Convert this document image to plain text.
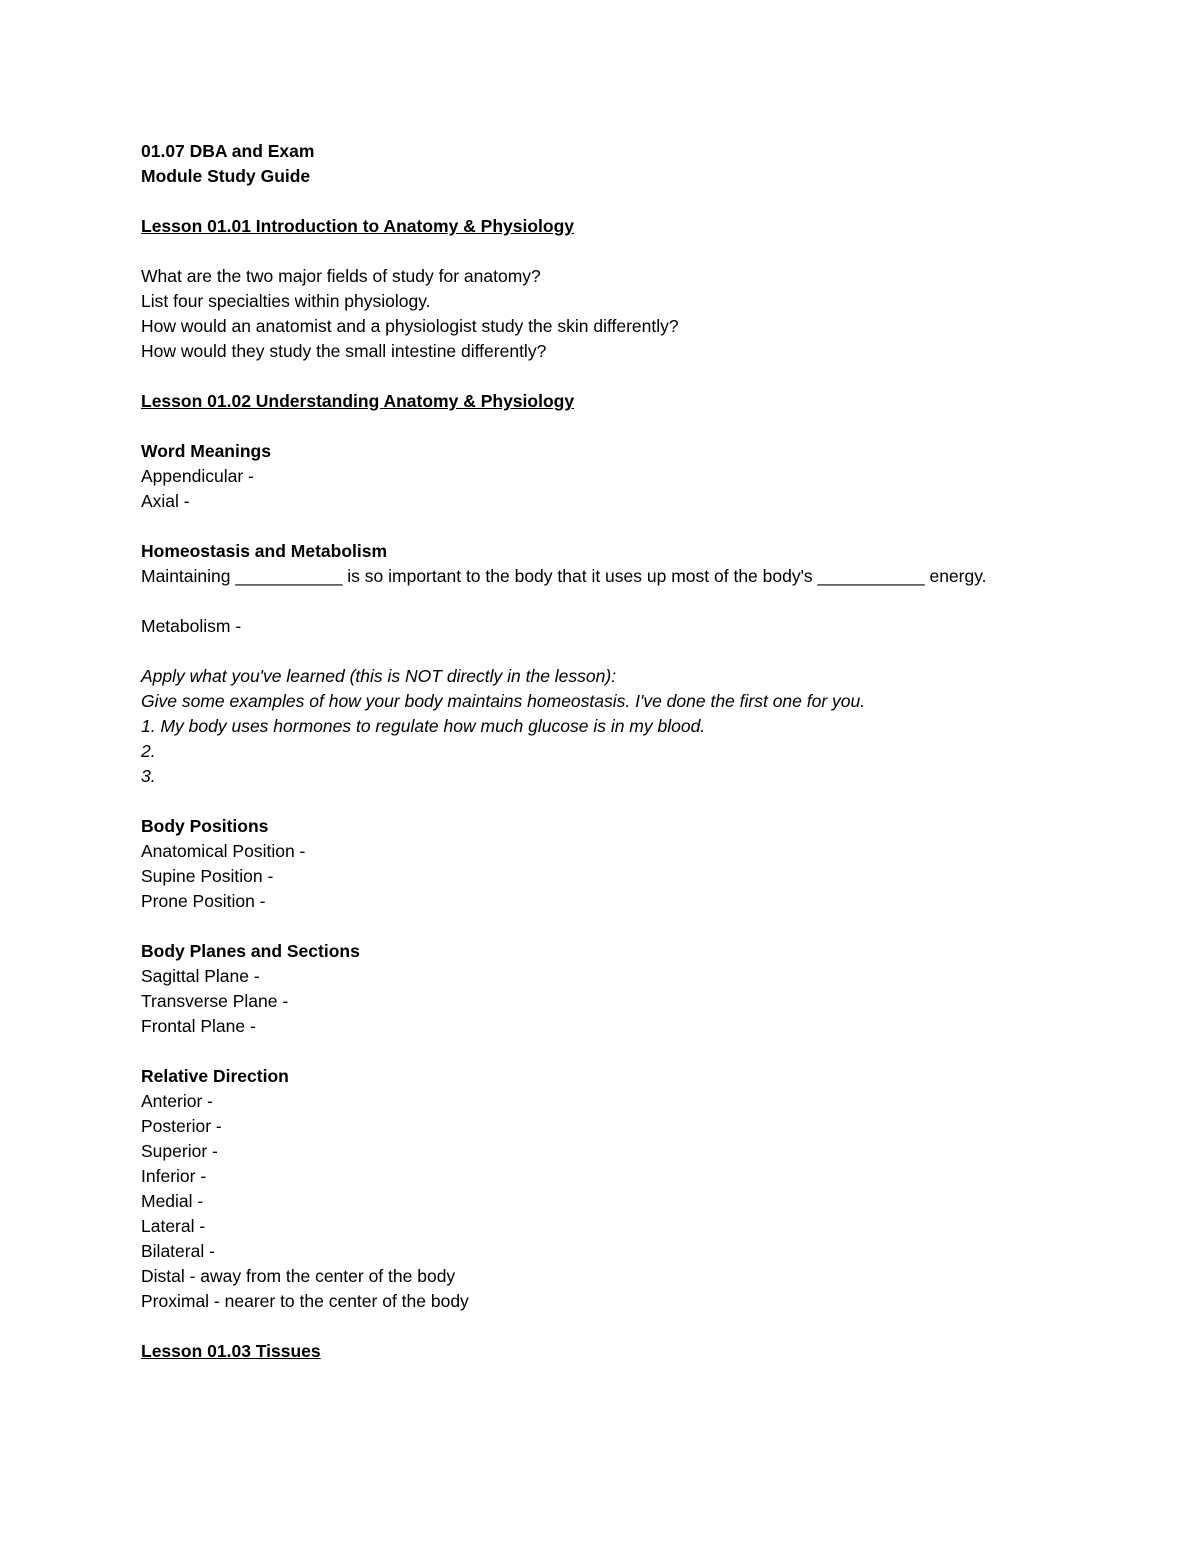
01.07 DBA and Exam
Module Study Guide
Lesson 01.01 Introduction to Anatomy & Physiology
What are the two major fields of study for anatomy?
List four specialties within physiology.
How would an anatomist and a physiologist study the skin differently?
How would they study the small intestine differently?
Lesson 01.02 Understanding Anatomy & Physiology
Word Meanings
Appendicular -
Axial -
Homeostasis and Metabolism
Maintaining ___________ is so important to the body that it uses up most of the body's ___________ energy.
Metabolism -
Apply what you've learned (this is NOT directly in the lesson):
Give some examples of how your body maintains homeostasis. I've done the first one for you.
1. My body uses hormones to regulate how much glucose is in my blood.
2.
3.
Body Positions
Anatomical Position -
Supine Position -
Prone Position -
Body Planes and Sections
Sagittal Plane -
Transverse Plane -
Frontal Plane -
Relative Direction
Anterior -
Posterior -
Superior -
Inferior -
Medial -
Lateral -
Bilateral -
Distal - away from the center of the body
Proximal - nearer to the center of the body
Lesson 01.03 Tissues
